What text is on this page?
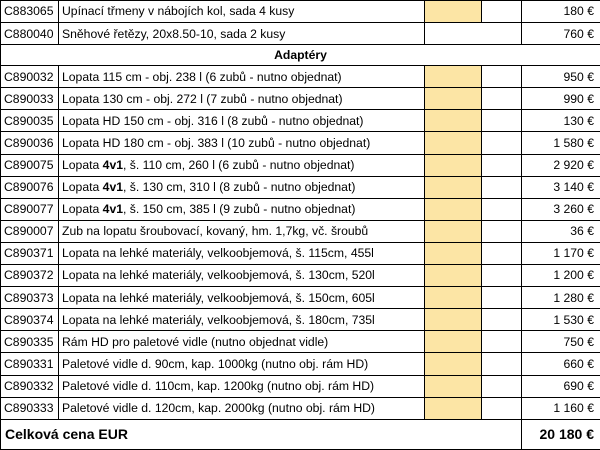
C883065	Upínací třmeny v nábojích kol, sada 4 kusy			180 €
C880040	Sněhové řetězy, 20x8.50-10, sada 2 kusy			760 €
Adaptéry				
C890032	Lopata 115 cm - obj. 238 l (6 zubů - nutno objednat)			950 €
C890033	Lopata 130 cm - obj. 272 l (7 zubů - nutno objednat)			990 €
C890035	Lopata HD 150 cm - obj. 316 l (8 zubů - nutno objednat)			130 €
C890036	Lopata HD 180 cm - obj. 383 l (10 zubů - nutno objednat)			1 580 €
C890075	Lopata 4v1, š. 110 cm, 260 l (6 zubů - nutno objednat)			2 920 €
C890076	Lopata 4v1, š. 130 cm, 310 l (8 zubů - nutno objednat)			3 140 €
C890077	Lopata 4v1, š. 150 cm, 385 l (9 zubů - nutno objednat)			3 260 €
C890007	Zub na lopatu šroubovací, kovaný, hm. 1,7kg, vč. šroubů			36 €
C890371	Lopata na lehké materiály, velkoobjemová, š. 115cm, 455l			1 170 €
C890372	Lopata na lehké materiály, velkoobjemová, š. 130cm, 520l			1 200 €
C890373	Lopata na lehké materiály, velkoobjemová, š. 150cm, 605l			1 280 €
C890374	Lopata na lehké materiály, velkoobjemová, š. 180cm, 735l			1 530 €
C890335	Rám HD pro paletové vidle (nutno objednat vidle)			750 €
C890331	Paletové vidle d. 90cm, kap. 1000kg (nutno obj. rám HD)			660 €
C890332	Paletové vidle d. 110cm, kap. 1200kg (nutno obj. rám HD)			690 €
C890333	Paletové vidle d. 120cm, kap. 2000kg (nutno obj. rám HD)			1 160 €
Celková cena EUR				20 180 €
